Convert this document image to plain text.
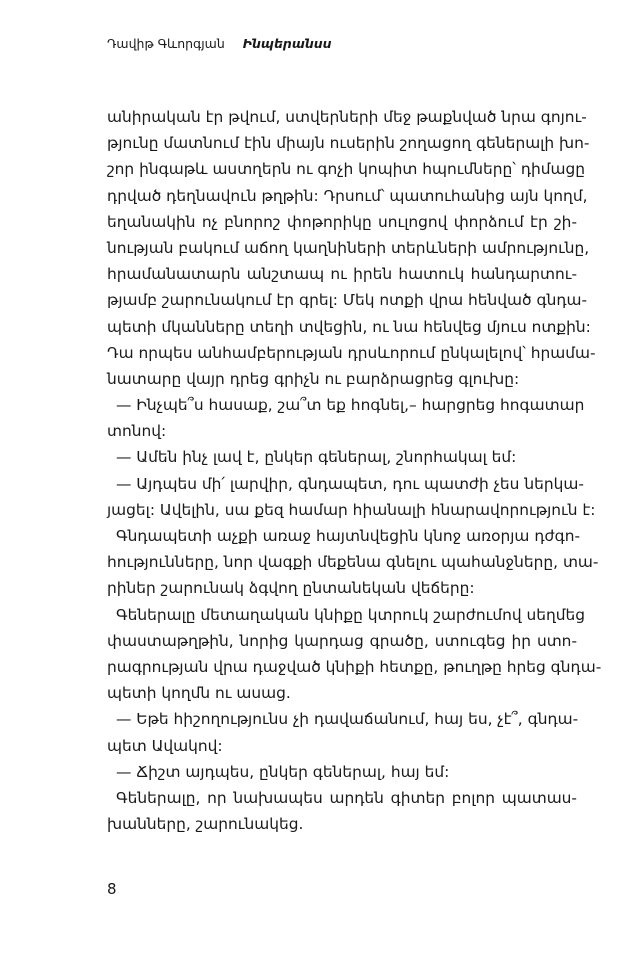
Դավիթ Գևորգյան Ինպերանսս
անիրական էր թվում, ստվերների մեջ թաքնված նրա գոյու-
թյունը մատնում էին միայն ուսերին շողացող գեներալի խո-
շոր ինգաթև աստղերն ու գոչի կոպիտ հպումները՝ դիմացը
դրված դեղնավուն թղթին: Դրսում՝ պատուհանից այն կողմ,
եղանակին ոչ բնորոշ փոթորիկը սուլոցով փորձում էր շի-
նության բակում աճող կաղնիների տերևների ամրությունը,
հրամանատարն անշտապ ու իրեն հատուկ հանդարտու-
թյամբ շարունակում էր գրել: Մեկ ոտքի վրա հենված գնդա-
պետի մկանները տեղի տվեցին, ու նա հենվեց մյուս ոտքին:
Դա որպես անհամբերության դրսևորում ընկալելով՝ հրամա-
նատարը վայր դրեց գրիչն ու բարձրացրեց գլուխը:
— Ինչպե՞ս հասաք, շա՞տ եք հոգնել,– հարցրեց հոգատար
տոնով:
— Ամեն ինչ լավ է, ընկեր գեներալ, շնորհակալ եմ:
— Այդպես մի՛ լարվիր, գնդապետ, դու պատժի չես ներկա-
յացել: Ավելին, սա քեզ համար հիանալի հնարավորություն է:
Գնդապետի աչքի առաջ հայտնվեցին կնոջ առօրյա դժգո-
հությունները, նոր վագքի մեքենա գնելու պահանջները, տա-
րիներ շարունակ ձգվող ընտանեկան վեճերը:
Գեներալը մետաղական կնիքը կտրուկ շարժումով սեղմեց
փաստաթղթին, նորից կարդաց գրածը, ստուգեց իր ստո-
րագրության վրա դաջված կնիքի հետքը, թուղթը հրեց գնդա-
պետի կողմն ու ասաց.
— Եթե հիշողությունս չի դավաճանում, հայ ես, չէ՞, գնդա-
պետ Ավակով:
— Ճիշտ այդպես, ընկեր գեներալ, հայ եմ:
Գեներալը, որ նախապես արդեն գիտեր բոլոր պատաս-
խանները, շարունակեց.
8
